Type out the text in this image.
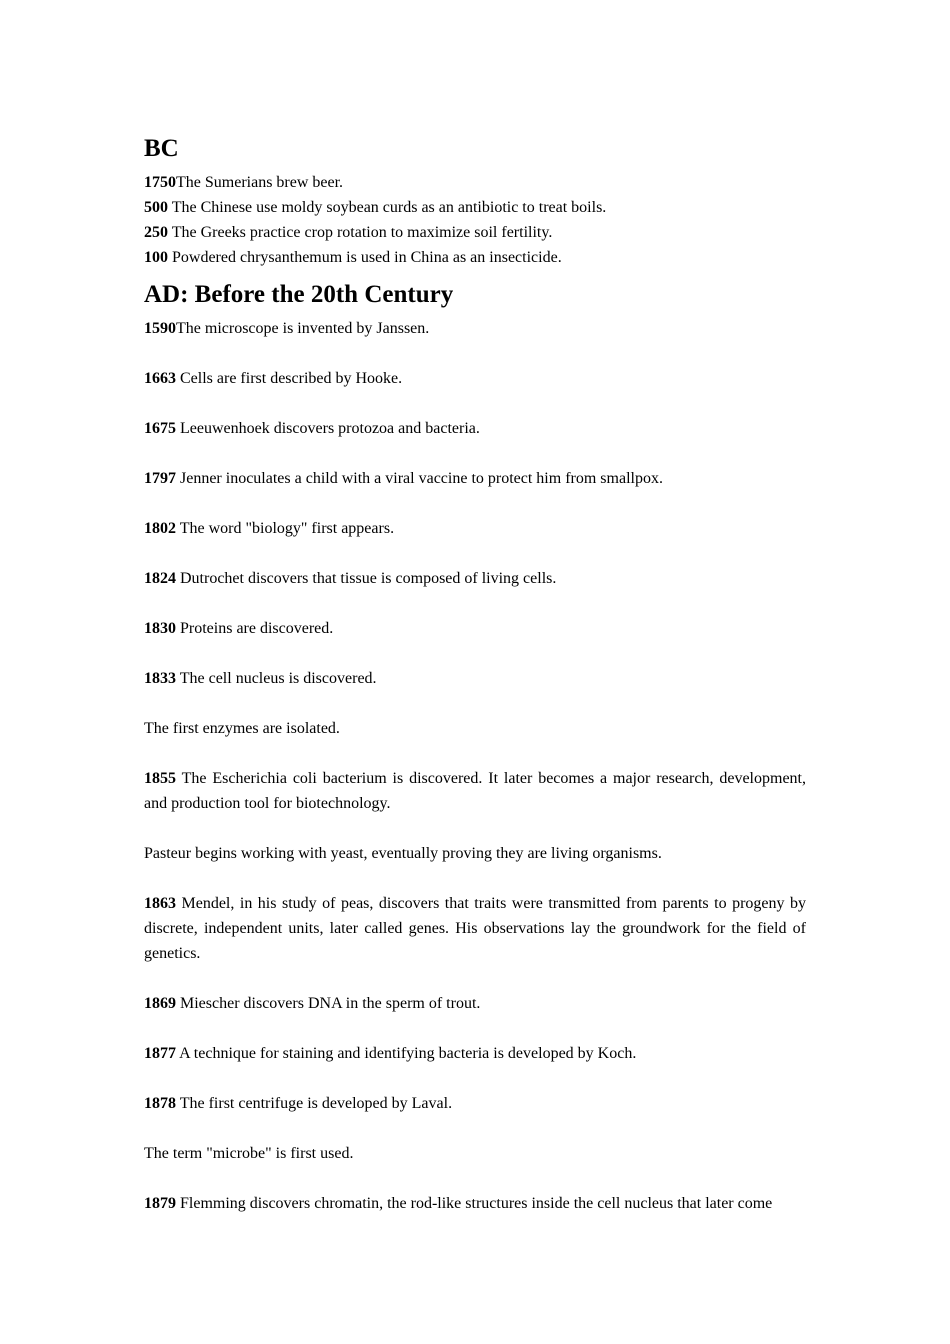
BC
1750The Sumerians brew beer.
500 The Chinese use moldy soybean curds as an antibiotic to treat boils.
250 The Greeks practice crop rotation to maximize soil fertility.
100 Powdered chrysanthemum is used in China as an insecticide.
AD: Before the 20th Century

1590The microscope is invented by Janssen.

1663 Cells are first described by Hooke.

1675 Leeuwenhoek discovers protozoa and bacteria.

1797 Jenner inoculates a child with a viral vaccine to protect him from smallpox.

1802 The word "biology" first appears.

1824 Dutrochet discovers that tissue is composed of living cells.

1830 Proteins are discovered.

1833 The cell nucleus is discovered.

The first enzymes are isolated.

1855 The Escherichia coli bacterium is discovered. It later becomes a major research, development, and production tool for biotechnology.

Pasteur begins working with yeast, eventually proving they are living organisms.

1863 Mendel, in his study of peas, discovers that traits were transmitted from parents to progeny by discrete, independent units, later called genes. His observations lay the groundwork for the field of genetics.

1869 Miescher discovers DNA in the sperm of trout.

1877 A technique for staining and identifying bacteria is developed by Koch.

1878 The first centrifuge is developed by Laval.

The term "microbe" is first used.

1879 Flemming discovers chromatin, the rod-like structures inside the cell nucleus that later come
